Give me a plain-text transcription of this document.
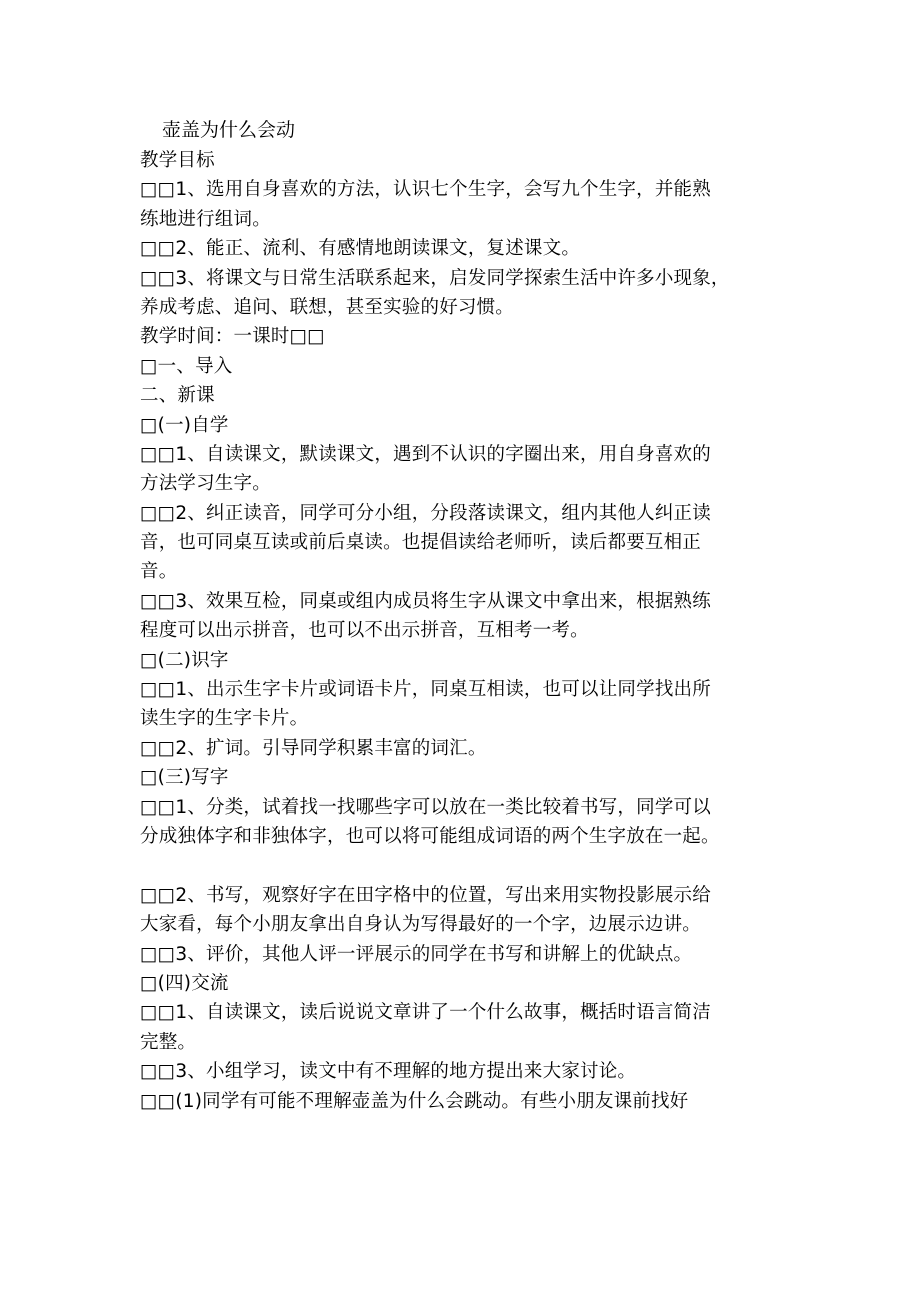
壶盖为什么会动
教学目标
□□1、选用自身喜欢的方法，认识七个生字，会写九个生字，并能熟
练地进行组词。
□□2、能正、流利、有感情地朗读课文，复述课文。
□□3、将课文与日常生活联系起来，启发同学探索生活中许多小现象，
养成考虑、追问、联想，甚至实验的好习惯。
教学时间：一课时□□
□一、导入
二、新课
□(一)自学
□□1、自读课文，默读课文，遇到不认识的字圈出来，用自身喜欢的
方法学习生字。
□□2、纠正读音，同学可分小组，分段落读课文，组内其他人纠正读
音，也可同桌互读或前后桌读。也提倡读给老师听，读后都要互相正
音。
□□3、效果互检，同桌或组内成员将生字从课文中拿出来，根据熟练
程度可以出示拼音，也可以不出示拼音，互相考一考。
□(二)识字
□□1、出示生字卡片或词语卡片，同桌互相读，也可以让同学找出所
读生字的生字卡片。
□□2、扩词。引导同学积累丰富的词汇。
□(三)写字
□□1、分类，试着找一找哪些字可以放在一类比较着书写，同学可以
分成独体字和非独体字，也可以将可能组成词语的两个生字放在一起。
□□2、书写，观察好字在田字格中的位置，写出来用实物投影展示给
大家看，每个小朋友拿出自身认为写得最好的一个字，边展示边讲。
□□3、评价，其他人评一评展示的同学在书写和讲解上的优缺点。
□(四)交流
□□1、自读课文，读后说说文章讲了一个什么故事，概括时语言简洁
完整。
□□3、小组学习，读文中有不理解的地方提出来大家讨论。
□□(1)同学有可能不理解壶盖为什么会跳动。有些小朋友课前找好
